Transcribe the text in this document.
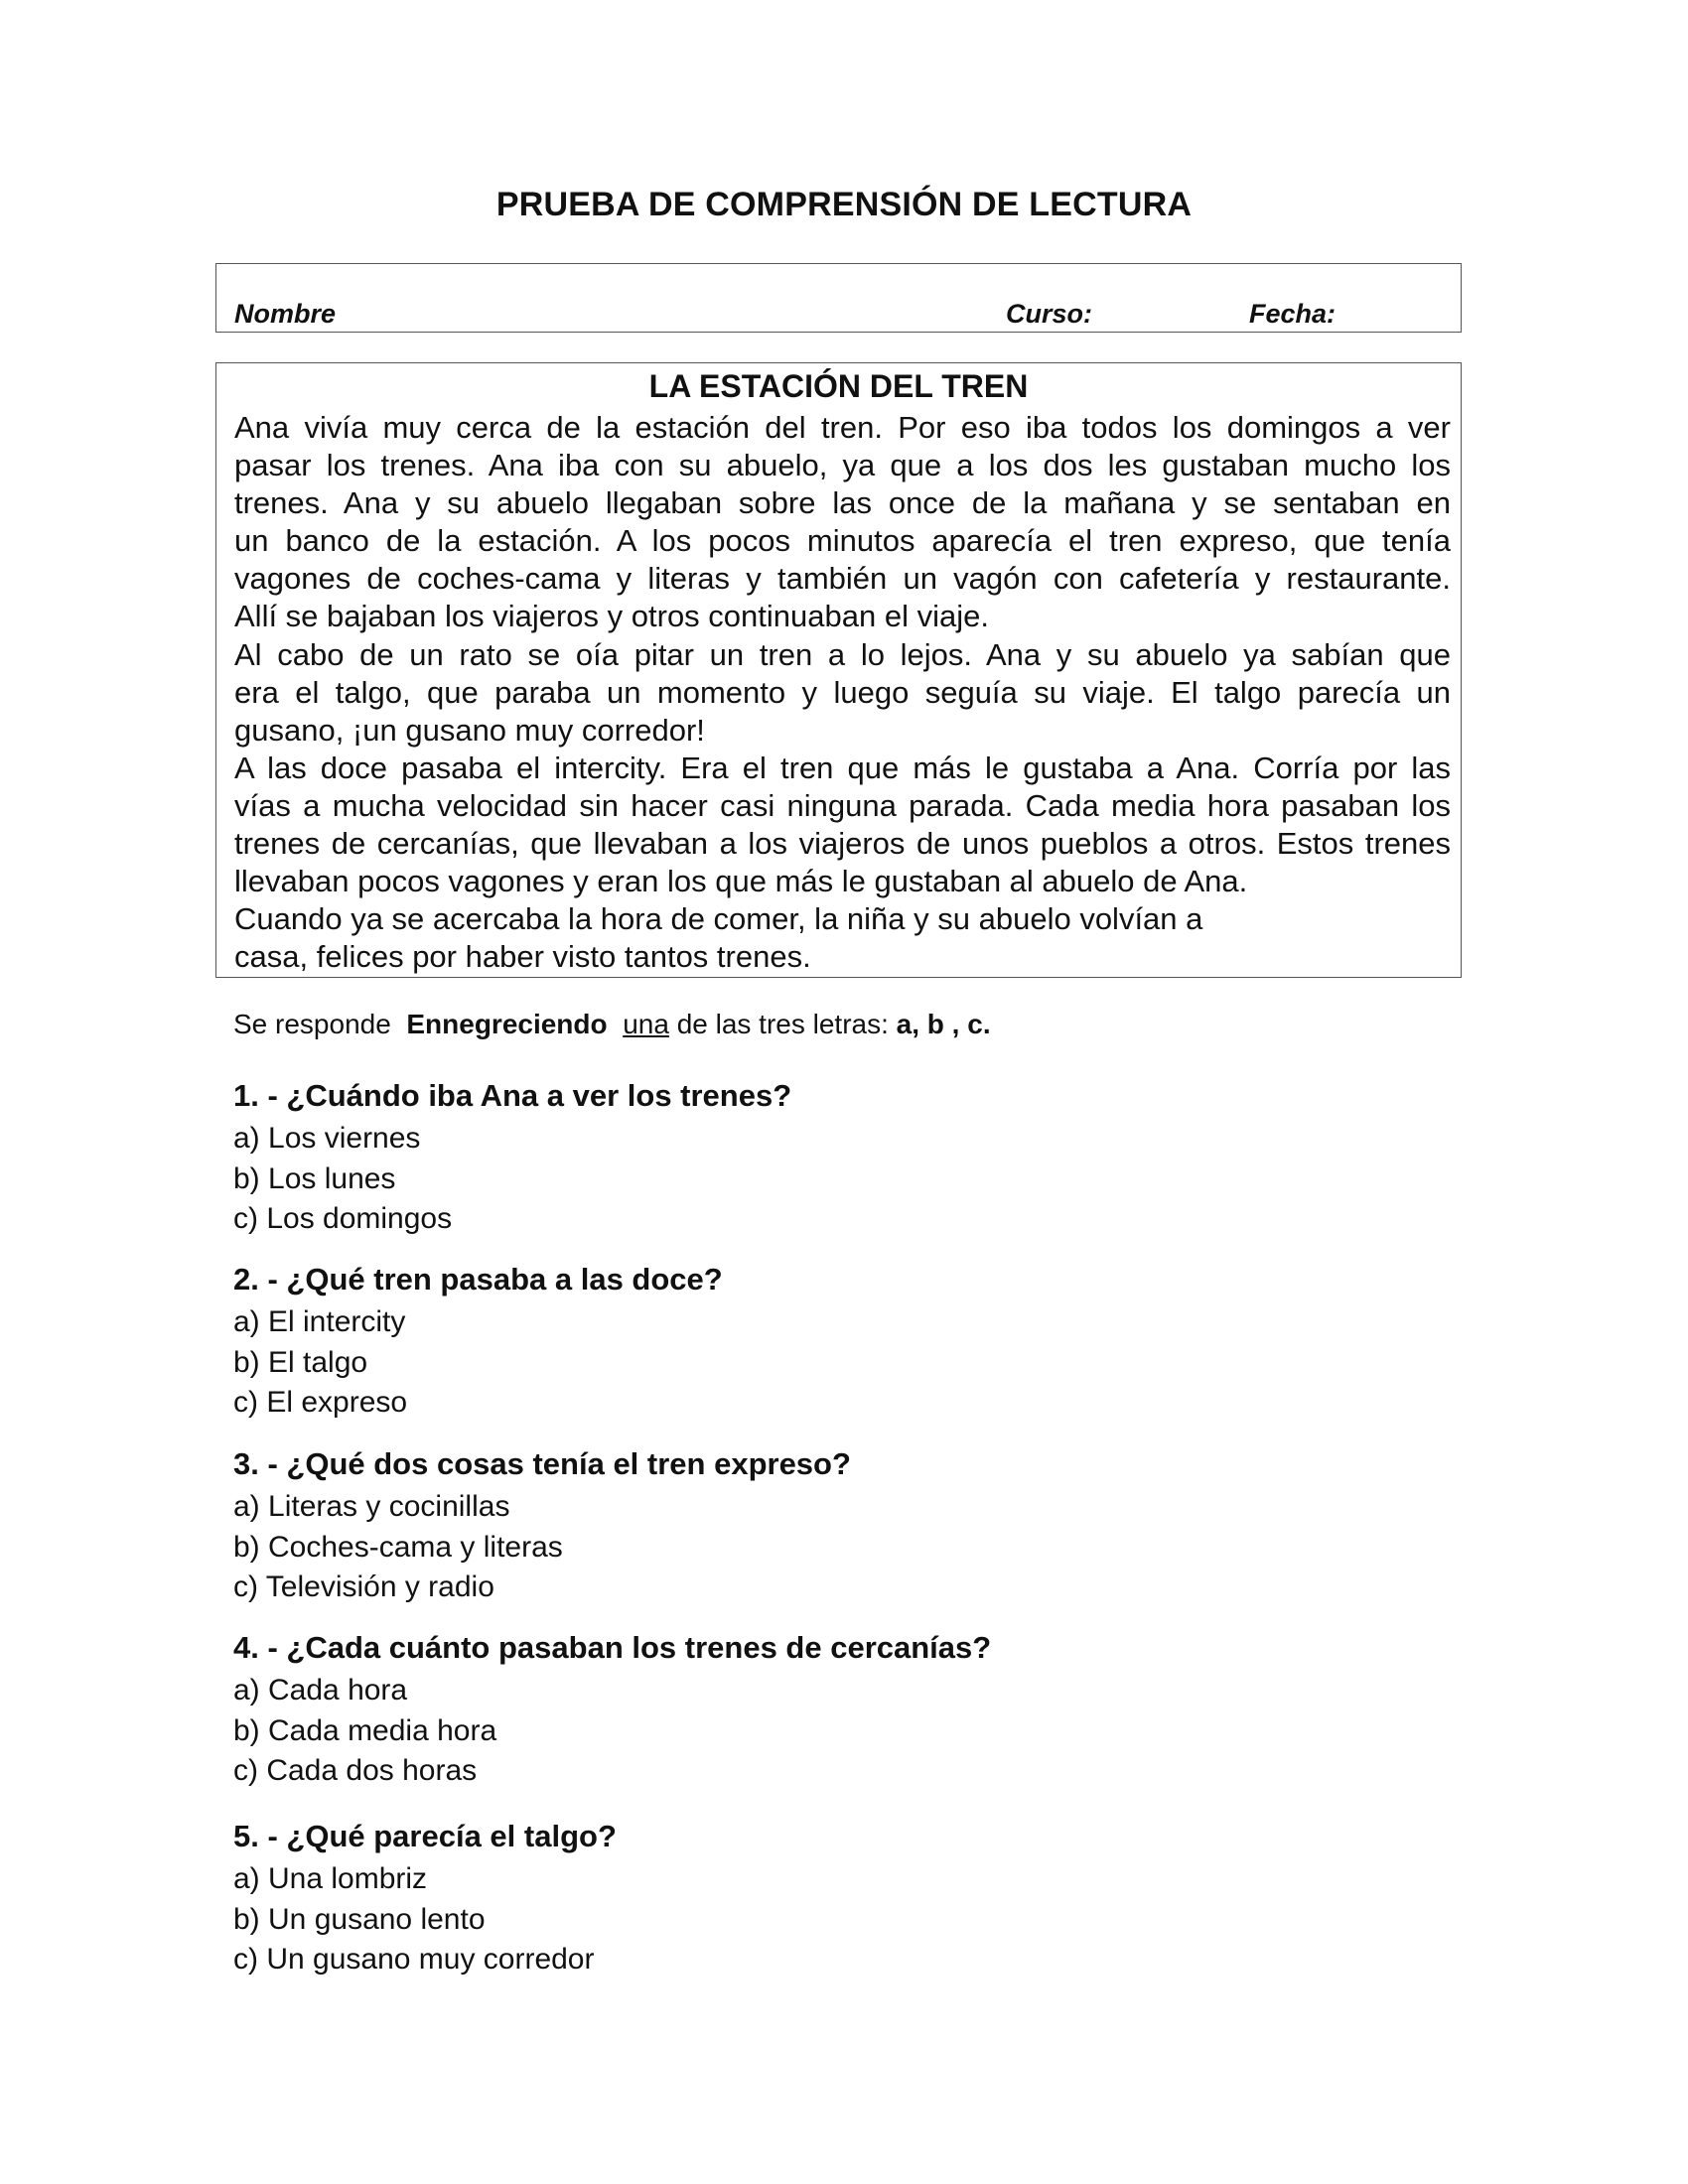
PRUEBA DE COMPRENSIÓN DE LECTURA
Nombre	Curso:	Fecha:
LA ESTACIÓN DEL TREN
Ana vivía muy cerca de la estación del tren. Por eso iba todos los domingos a ver
pasar los trenes. Ana iba con su abuelo, ya que a los dos les gustaban mucho los
trenes. Ana y su abuelo llegaban sobre las once de la mañana y se sentaban en
un banco de la estación. A los pocos minutos aparecía el tren expreso, que tenía
vagones de coches-cama y literas y también un vagón con cafetería y restaurante.
Allí se bajaban los viajeros y otros continuaban el viaje.
Al cabo de un rato se oía pitar un tren a lo lejos. Ana y su abuelo ya sabían que
era el talgo, que paraba un momento y luego seguía su viaje. El talgo parecía un
gusano, ¡un gusano muy corredor!
A las doce pasaba el intercity. Era el tren que más le gustaba a Ana. Corría por las
vías a mucha velocidad sin hacer casi ninguna parada. Cada media hora pasaban los
trenes de cercanías, que llevaban a los viajeros de unos pueblos a otros. Estos trenes
llevaban pocos vagones y eran los que más le gustaban al abuelo de Ana.
Cuando ya se acercaba la hora de comer, la niña y su abuelo volvían a
casa, felices por haber visto tantos trenes.
Se responde Ennegreciendo una de las tres letras: a, b , c.
1. - ¿Cuándo iba Ana a ver los trenes?
a) Los viernes
b) Los lunes
c) Los domingos
2. - ¿Qué tren pasaba a las doce?
a) El intercity
b) El talgo
c) El expreso
3. - ¿Qué dos cosas tenía el tren expreso?
a) Literas y cocinillas
b) Coches-cama y literas
c) Televisión y radio
4. - ¿Cada cuánto pasaban los trenes de cercanías?
a) Cada hora
b) Cada media hora
c) Cada dos horas
5. - ¿Qué parecía el talgo?
a) Una lombriz
b) Un gusano lento
c) Un gusano muy corredor
